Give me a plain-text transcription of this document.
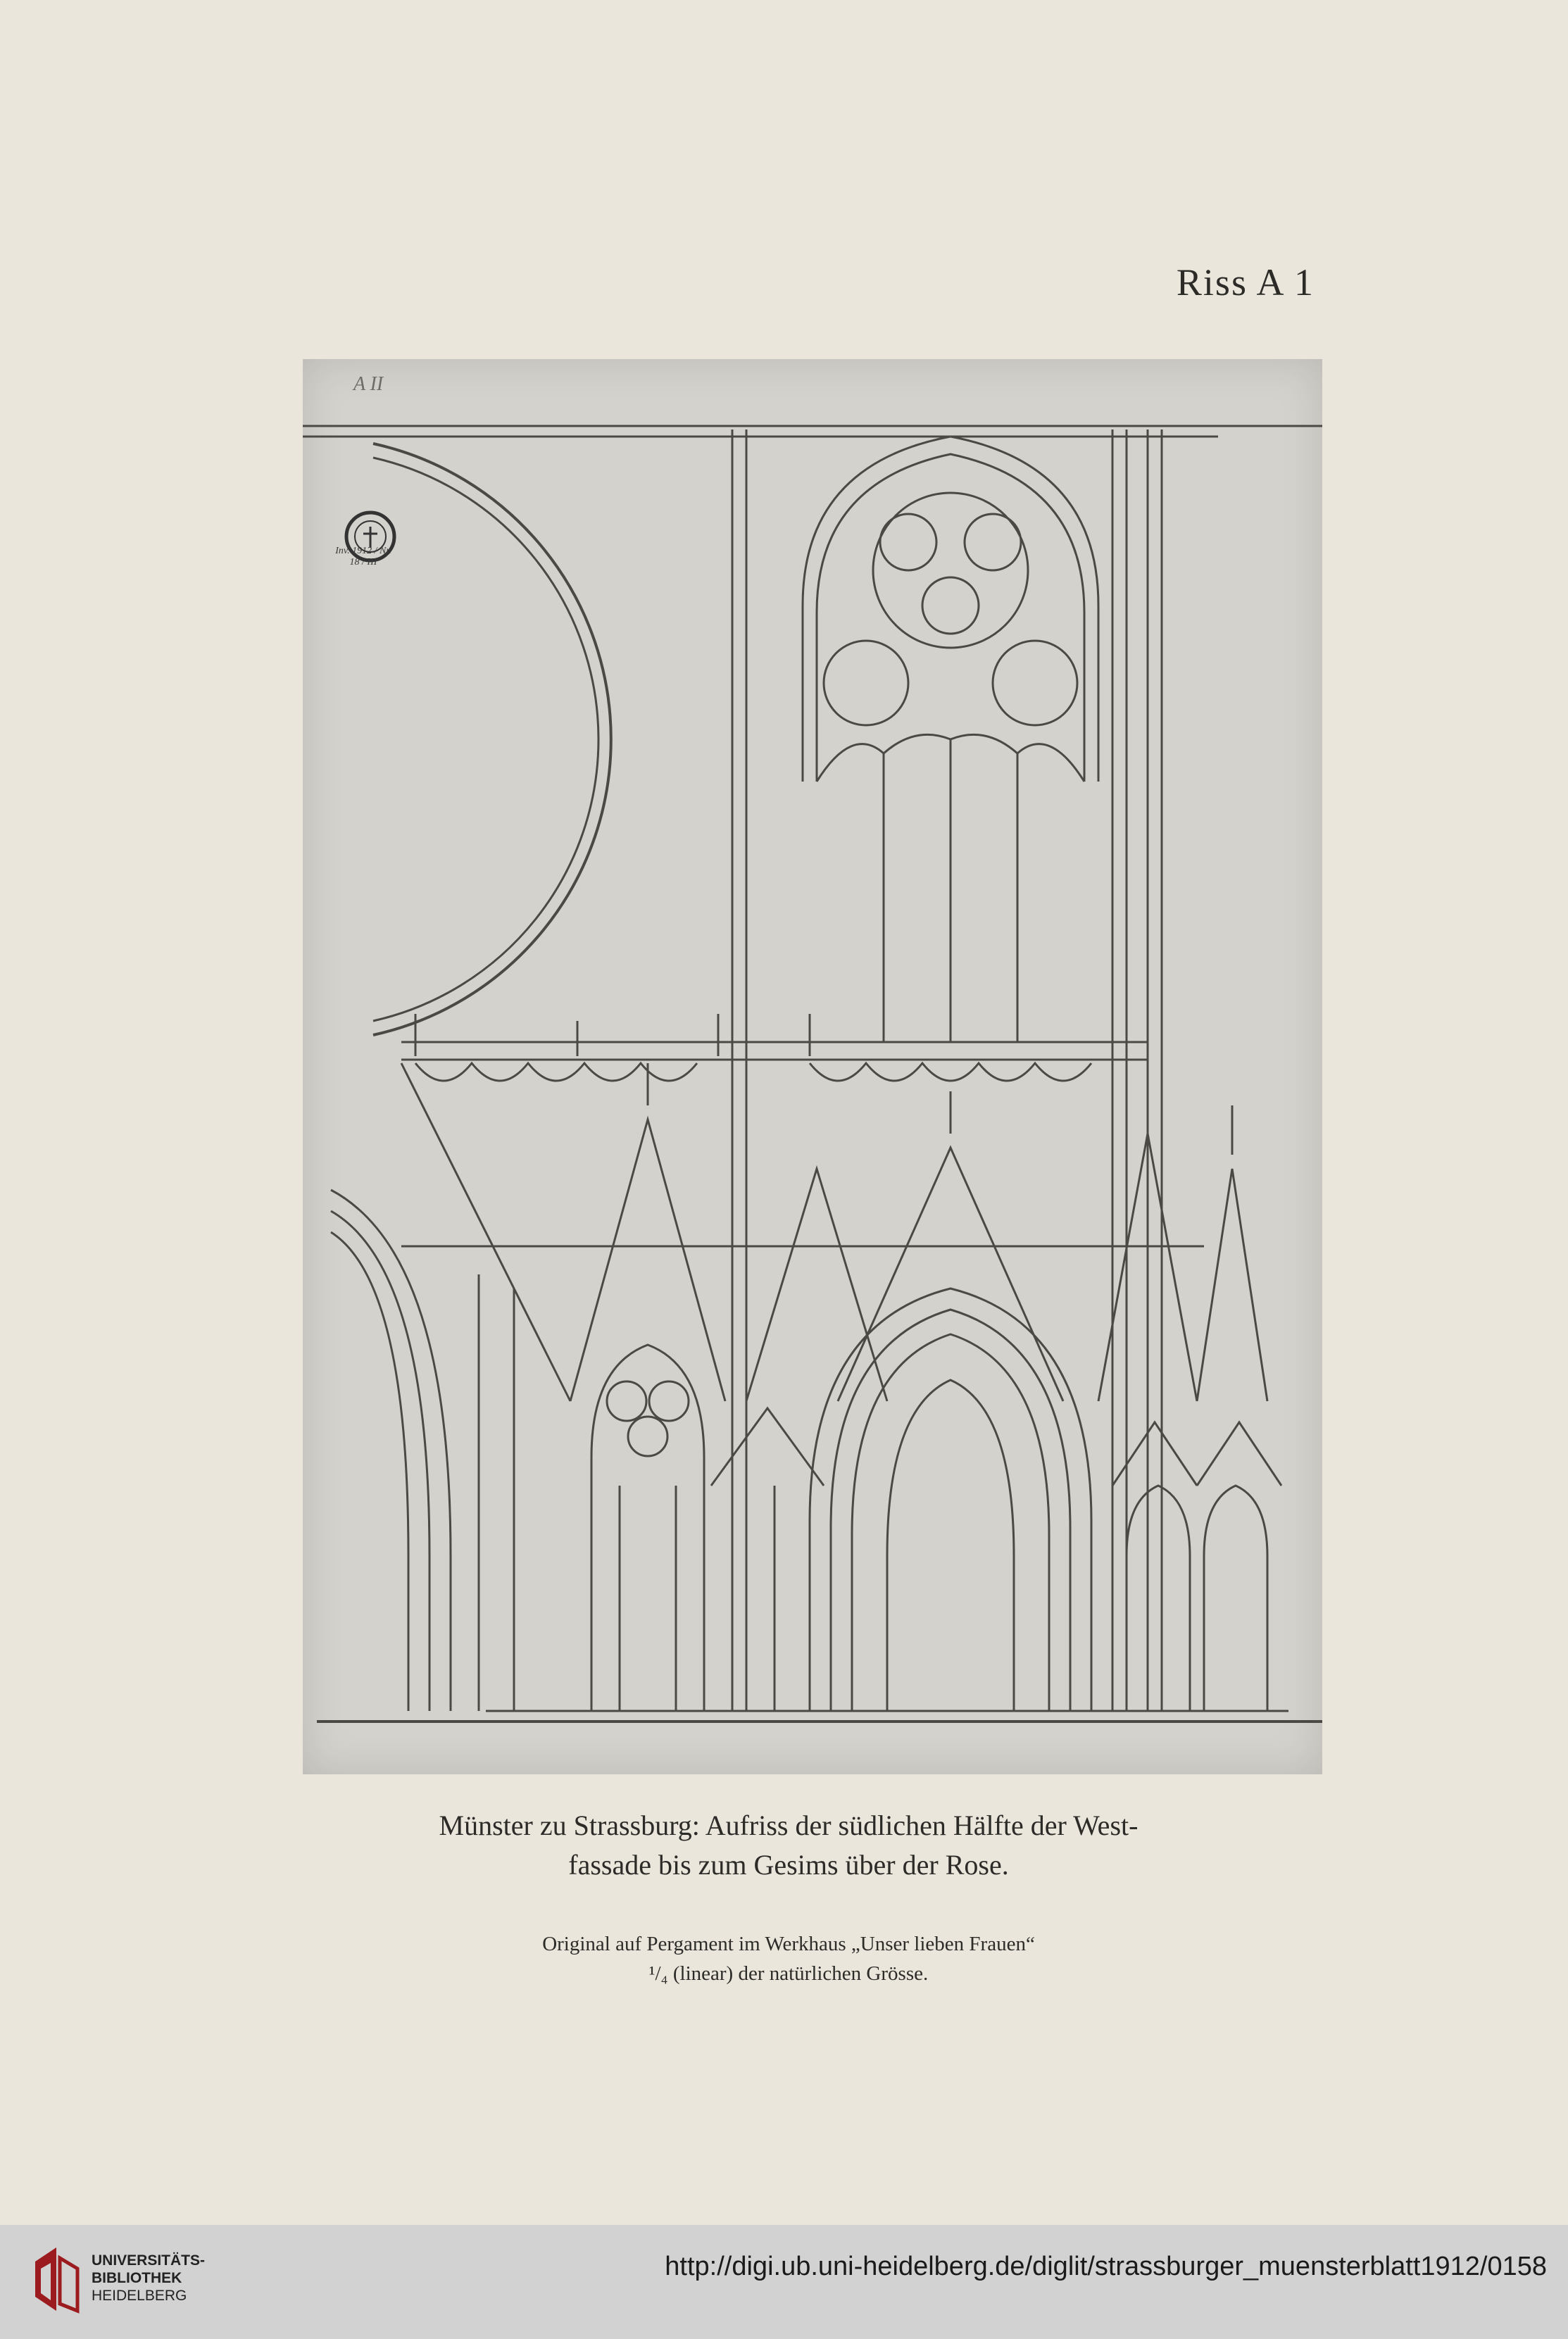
Riss A 1
A II
Inv. 1912 / Nr. 18 / III
Münster zu Strassburg: Aufriss der südlichen Hälfte der West-
fassade bis zum Gesims über der Rose.
Original auf Pergament im Werkhaus „Unser lieben Frauen“
¹/₄ (linear) der natürlichen Grösse.
UNIVERSITÄTS-
BIBLIOTHEK
HEIDELBERG
http://digi.ub.uni-heidelberg.de/diglit/strassburger_muensterblatt1912/0158
